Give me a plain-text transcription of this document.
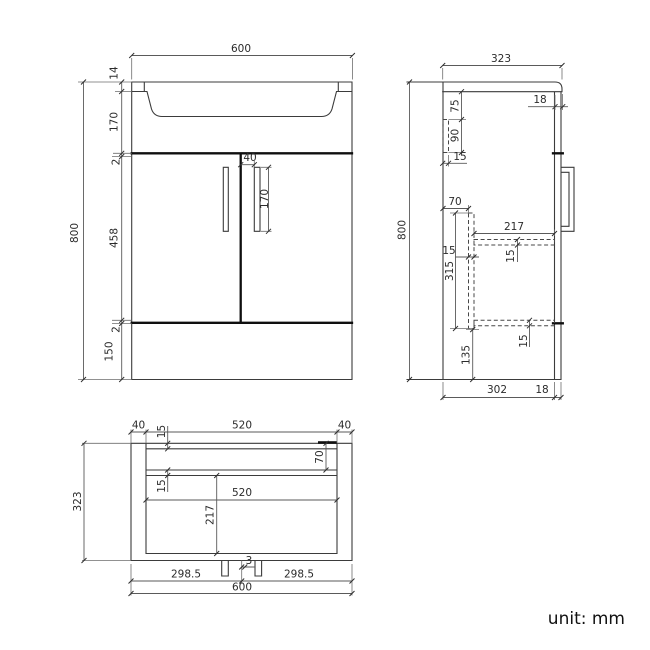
600
800
14
170
2
458
2
150
40
170
323
800
75
90
15
18
70
217
15
15
315
15
135
302	18
40	520	40
15
70
15
520
217
3
298.5	298.5
600
323
unit: mm
